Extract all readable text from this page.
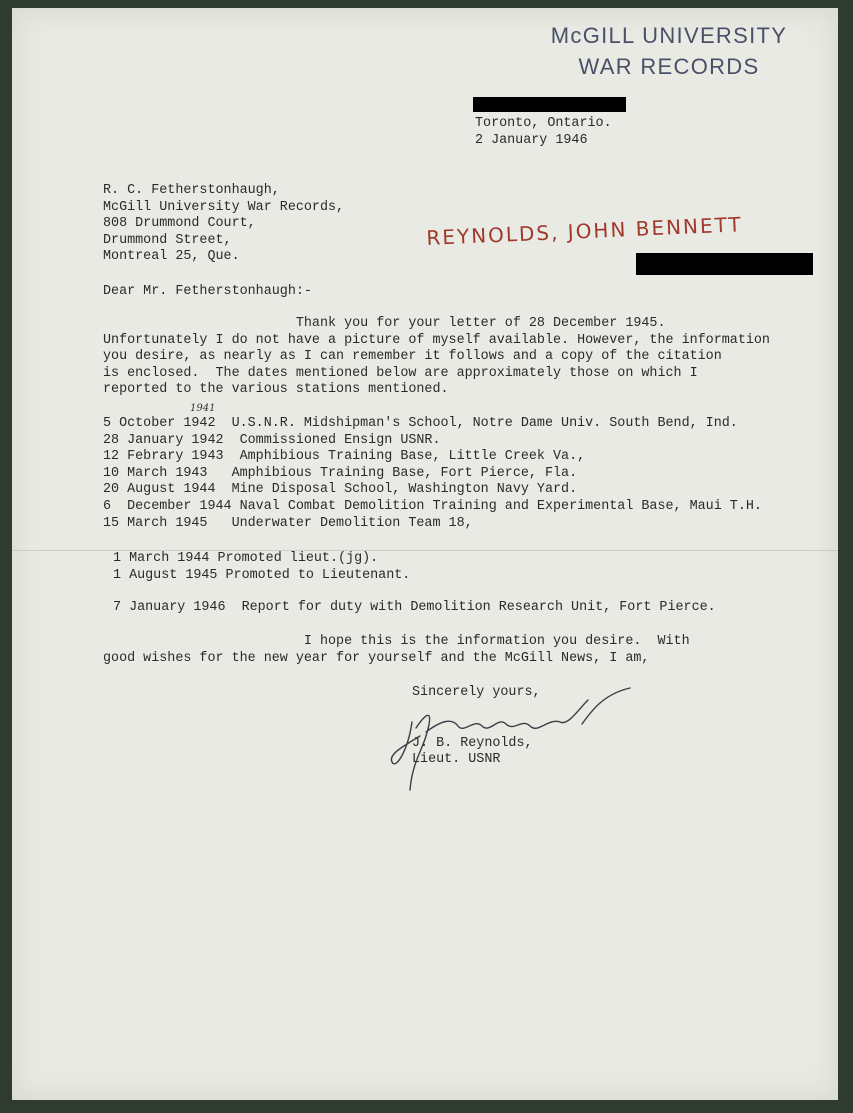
McGILL UNIVERSITY
WAR RECORDS
Toronto, Ontario.
2 January 1946
R. C. Fetherstonhaugh,
McGill University War Records,
808 Drummond Court,
Drummond Street,
Montreal 25, Que.
REYNOLDS, JOHN BENNETT
Dear Mr. Fetherstonhaugh:-
Thank you for your letter of 28 December 1945.
Unfortunately I do not have a picture of myself available. However, the information
you desire, as nearly as I can remember it follows and a copy of the citation
is enclosed.  The dates mentioned below are approximately those on which I
reported to the various stations mentioned.
1941
5 October 1942  U.S.N.R. Midshipman's School, Notre Dame Univ. South Bend, Ind.
28 January 1942  Commissioned Ensign USNR.
12 Febrary 1943  Amphibious Training Base, Little Creek Va.,
10 March 1943   Amphibious Training Base, Fort Pierce, Fla.
20 August 1944  Mine Disposal School, Washington Navy Yard.
6  December 1944 Naval Combat Demolition Training and Experimental Base, Maui T.H.
15 March 1945   Underwater Demolition Team 18,
1 March 1944 Promoted lieut.(jg).
1 August 1945 Promoted to Lieutenant.
7 January 1946  Report for duty with Demolition Research Unit, Fort Pierce.
I hope this is the information you desire.  With
good wishes for the new year for yourself and the McGill News, I am,
Sincerely yours,
J. B. Reynolds,
Lieut. USNR
